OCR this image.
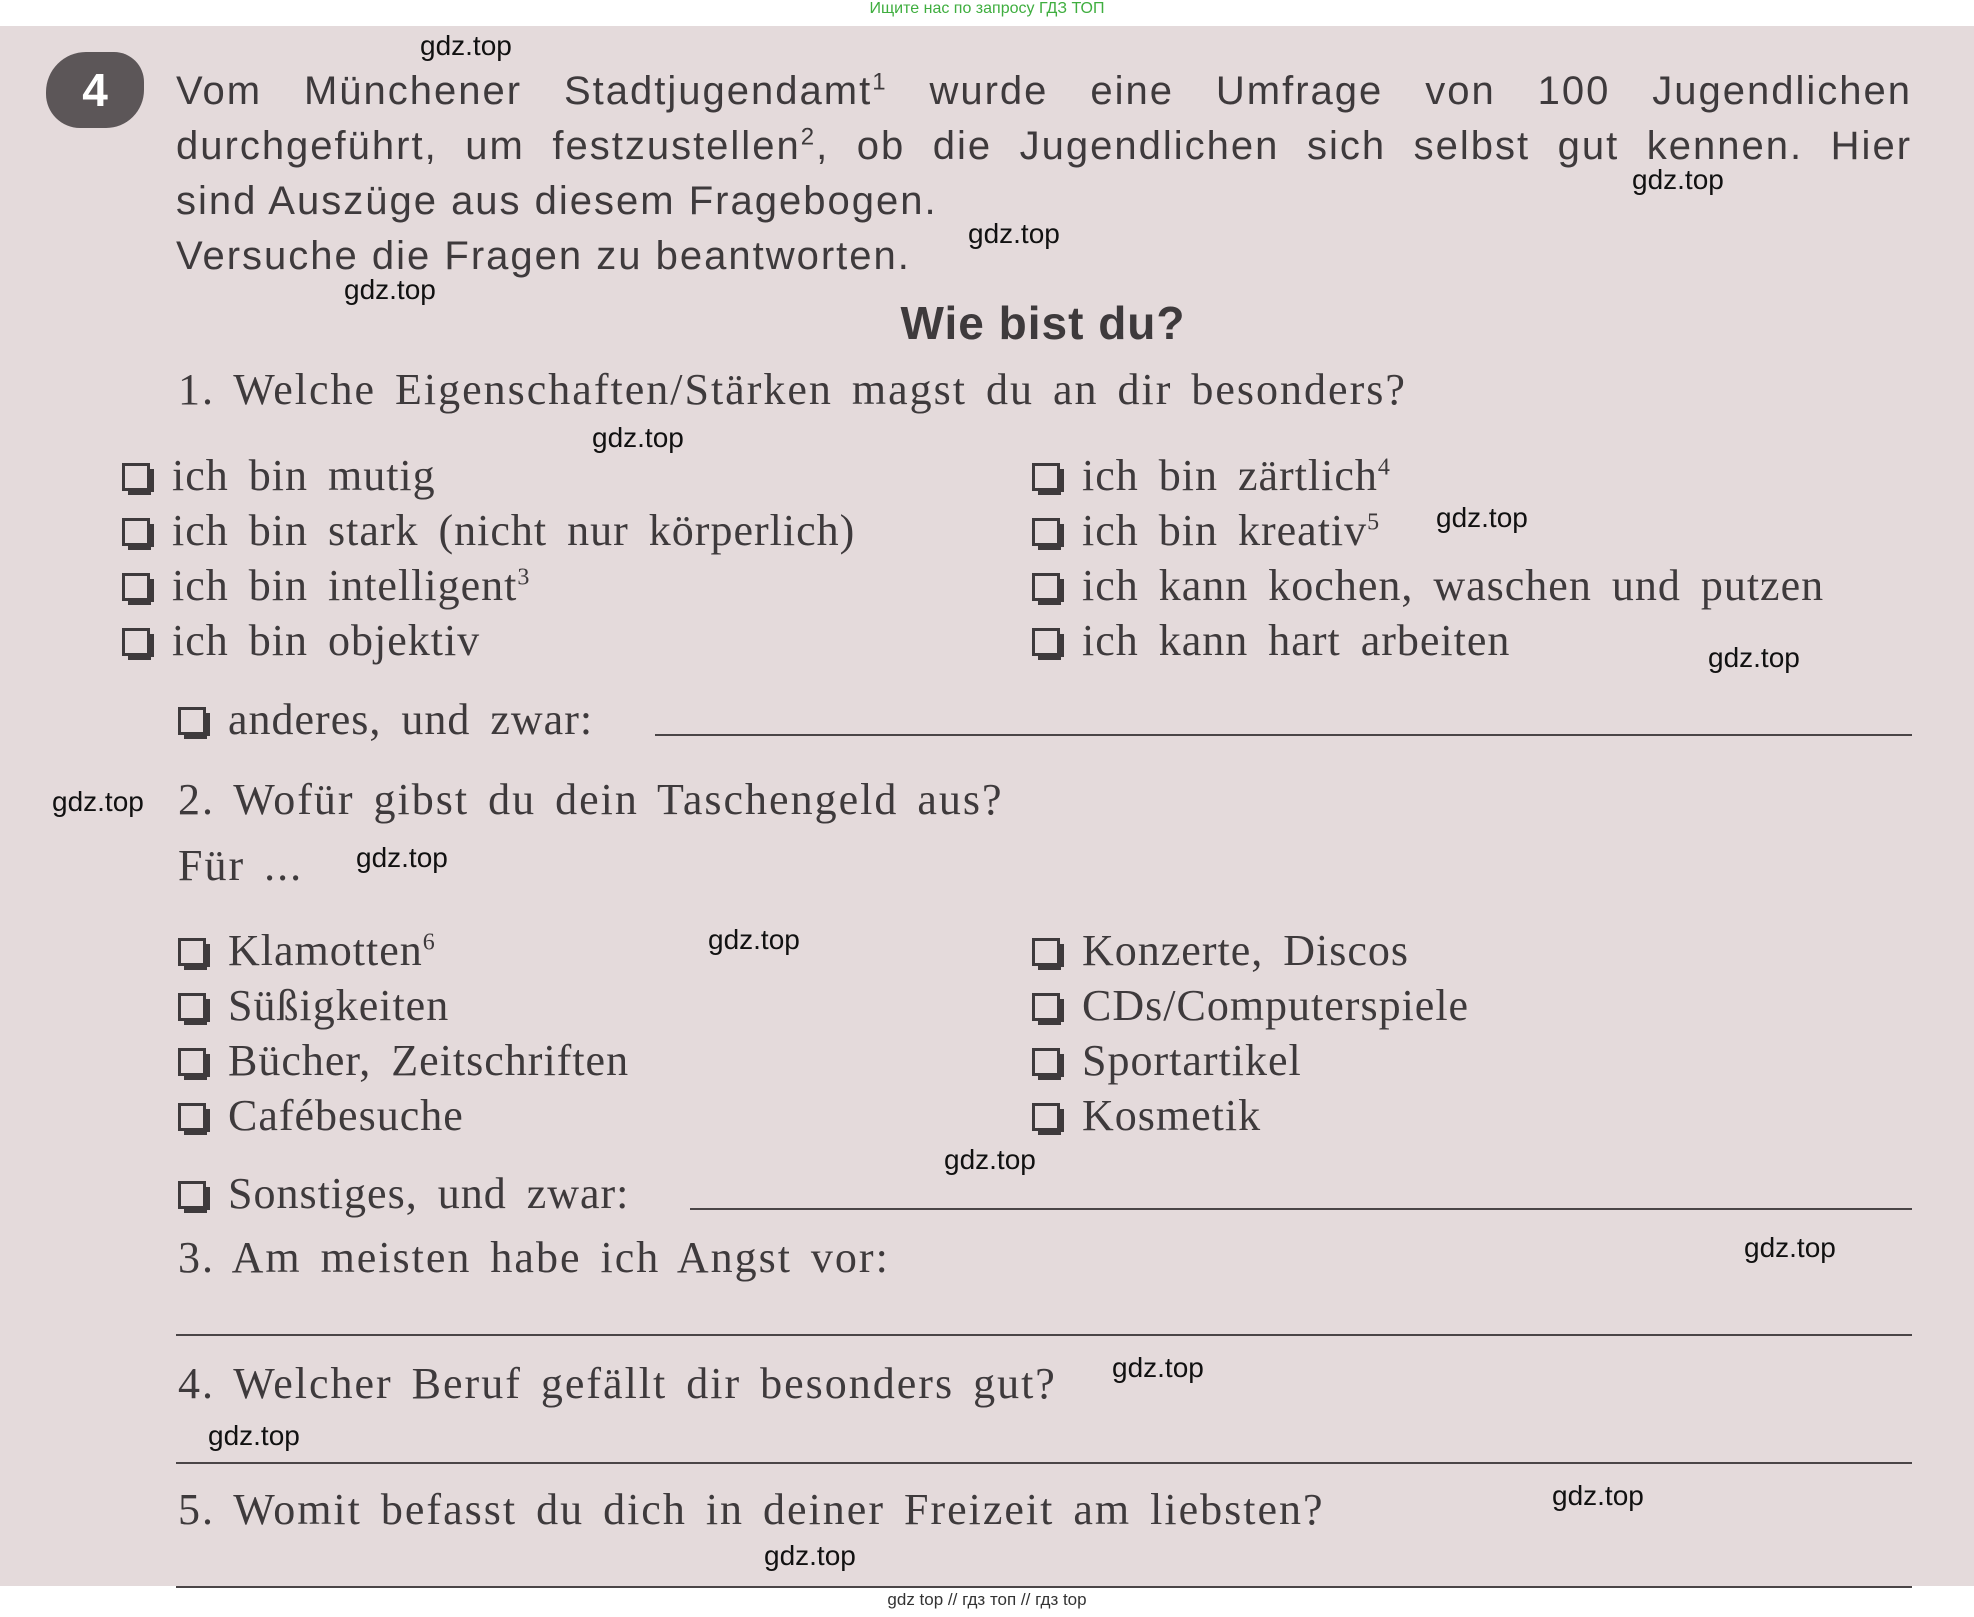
Ищите нас по запросу ГДЗ ТОП
4	Vom Münchener Stadtjugendamt$^1$ wurde eine Umfrage von 100 Jugendlichen
durchgeführt, um festzustellen$^2$, ob die Jugendlichen sich selbst gut kennen. Hier
sind Auszüge aus diesem Fragebogen.
Versuche die Fragen zu beantworten.
Wie bist du?
1. Welche Eigenschaften/Stärken magst du an dir besonders?
ich bin mutig
ich bin stark (nicht nur körperlich)
ich bin intelligent$^3$
ich bin objektiv
ich bin zärtlich$^4$
ich bin kreativ$^5$
ich kann kochen, waschen und putzen
ich kann hart arbeiten
anderes, und zwar:
2. Wofür gibst du dein Taschengeld aus?
Für ...
Klamotten$^6$
Süßigkeiten
Bücher, Zeitschriften
Cafébesuche
Konzerte, Discos
CDs/Computerspiele
Sportartikel
Kosmetik
Sonstiges, und zwar:
3. Am meisten habe ich Angst vor:
4. Welcher Beruf gefällt dir besonders gut?
5. Womit befasst du dich in deiner Freizeit am liebsten?
gdz.top
gdz.top
gdz.top
gdz.top
gdz.top
gdz.top
gdz.top
gdz.top
gdz.top
gdz.top
gdz.top
gdz.top
gdz.top
gdz.top
gdz.top
gdz.top
gdz top // гдз топ // гдз top
